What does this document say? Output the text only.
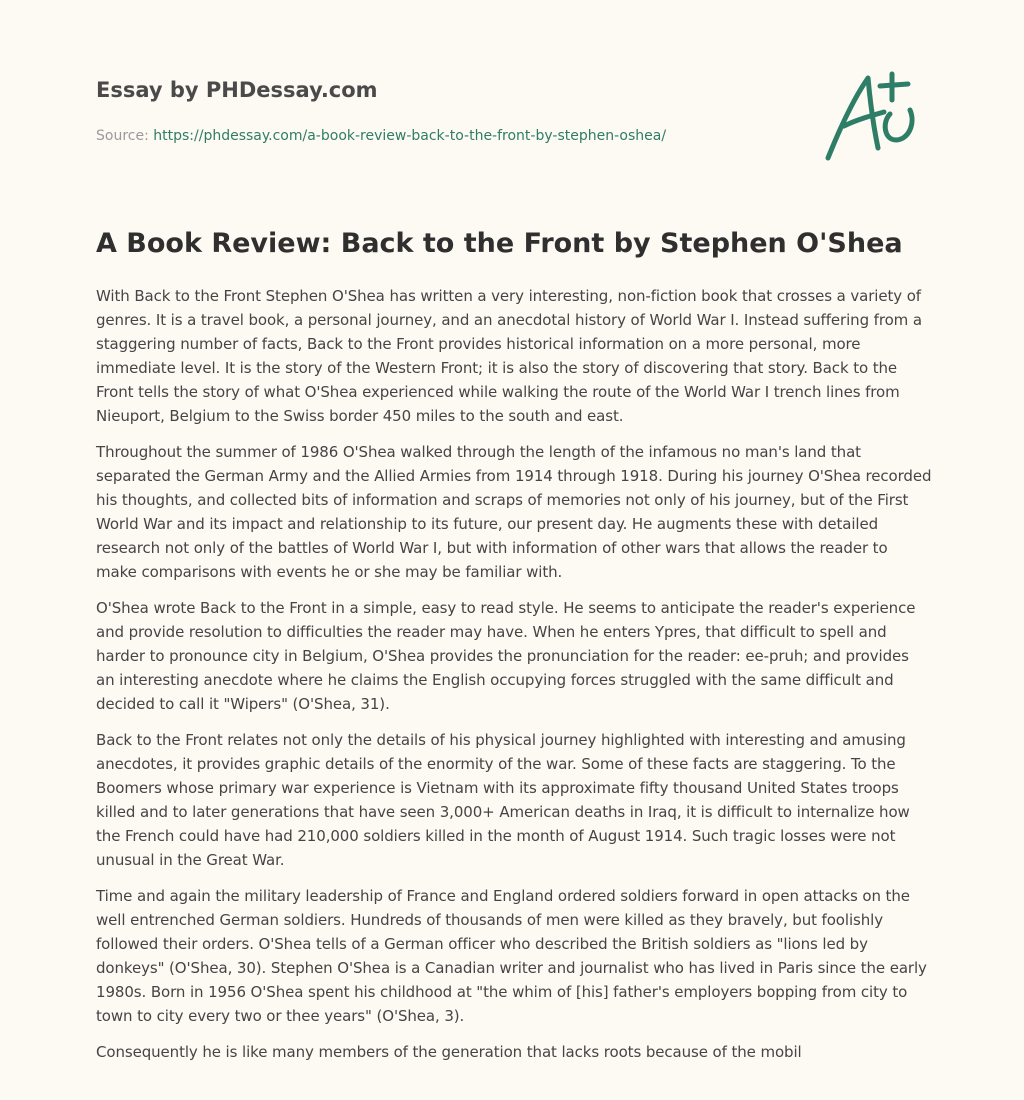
Essay by PHDessay.com
Source: https://phdessay.com/a-book-review-back-to-the-front-by-stephen-oshea/
A Book Review: Back to the Front by Stephen O'Shea

With Back to the Front Stephen O'Shea has written a very interesting, non-fiction book that crosses a variety of genres. It is a travel book, a personal journey, and an anecdotal history of World War I. Instead suffering from a staggering number of facts, Back to the Front provides historical information on a more personal, more immediate level. It is the story of the Western Front; it is also the story of discovering that story. Back to the Front tells the story of what O'Shea experienced while walking the route of the World War I trench lines from Nieuport, Belgium to the Swiss border 450 miles to the south and east.

Throughout the summer of 1986 O'Shea walked through the length of the infamous no man's land that separated the German Army and the Allied Armies from 1914 through 1918. During his journey O'Shea recorded his thoughts, and collected bits of information and scraps of memories not only of his journey, but of the First World War and its impact and relationship to its future, our present day. He augments these with detailed research not only of the battles of World War I, but with information of other wars that allows the reader to make comparisons with events he or she may be familiar with.

O'Shea wrote Back to the Front in a simple, easy to read style. He seems to anticipate the reader's experience and provide resolution to difficulties the reader may have. When he enters Ypres, that difficult to spell and harder to pronounce city in Belgium, O'Shea provides the pronunciation for the reader: ee-pruh; and provides an interesting anecdote where he claims the English occupying forces struggled with the same difficult and decided to call it "Wipers" (O'Shea, 31).

Back to the Front relates not only the details of his physical journey highlighted with interesting and amusing anecdotes, it provides graphic details of the enormity of the war. Some of these facts are staggering. To the Boomers whose primary war experience is Vietnam with its approximate fifty thousand United States troops killed and to later generations that have seen 3,000+ American deaths in Iraq, it is difficult to internalize how the French could have had 210,000 soldiers killed in the month of August 1914. Such tragic losses were not unusual in the Great War.

Time and again the military leadership of France and England ordered soldiers forward in open attacks on the well entrenched German soldiers. Hundreds of thousands of men were killed as they bravely, but foolishly followed their orders. O'Shea tells of a German officer who described the British soldiers as "lions led by donkeys" (O'Shea, 30). Stephen O'Shea is a Canadian writer and journalist who has lived in Paris since the early 1980s. Born in 1956 O'Shea spent his childhood at "the whim of [his] father's employers bopping from city to town to city every two or thee years" (O'Shea, 3).

Consequently he is like many members of the generation that lacks roots because of the mobil
